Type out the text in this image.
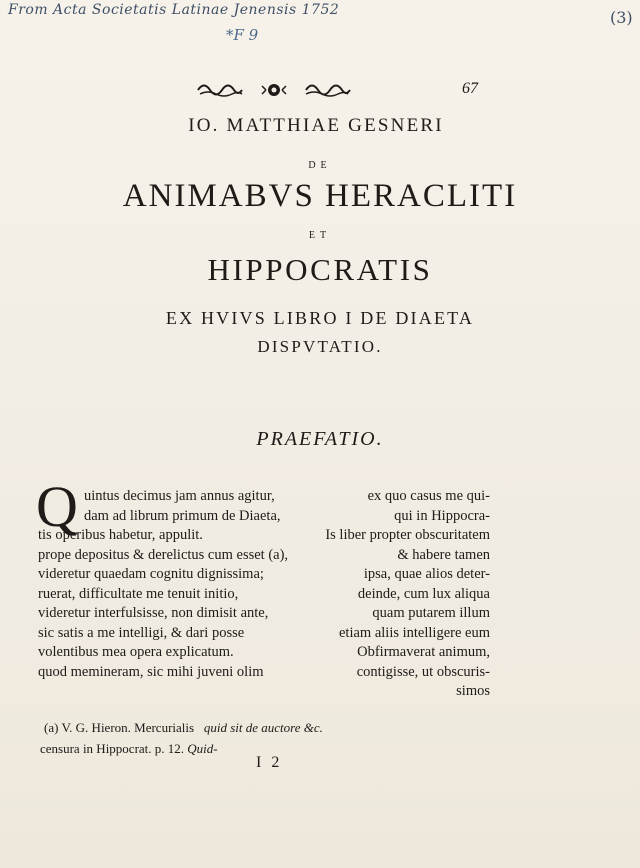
From Acta Societatis Latinae Jenensis 1752
*F 9
(3)
67
IO. MATTHIAE GESNERI
DE
ANIMABVS HERACLITI
ET
HIPPOCRATIS
EX HVIVS LIBRO I DE DIAETA
DISPVTATIO.
PRAEFATIO.
Q uintus decimus jam annus agitur,	ex quo casus me qui-
dam ad librum primum de Diaeta,	qui in Hippocra-
tis operibus habetur, appulit.	Is liber propter obscuritatem
prope depositus & derelictus cum esset (a),	& habere tamen
videretur quaedam cognitu dignissima;	ipsa, quae alios deter-
ruerat, difficultate me tenuit initio,	deinde, cum lux aliqua
videretur interfulsisse, non dimisit ante,	quam putarem illum
sic satis a me intelligi, & dari posse	etiam aliis intelligere eum
volentibus mea opera explicatum.	Obfirmaverat animum,
quod memineram, sic mihi juveni olim	contigisse, ut obscuris-
simos
(a) V. G. Hieron. Mercurialis quid sit de auctore &c.
censura in Hippocrat. p. 12. Quid-
I 2
